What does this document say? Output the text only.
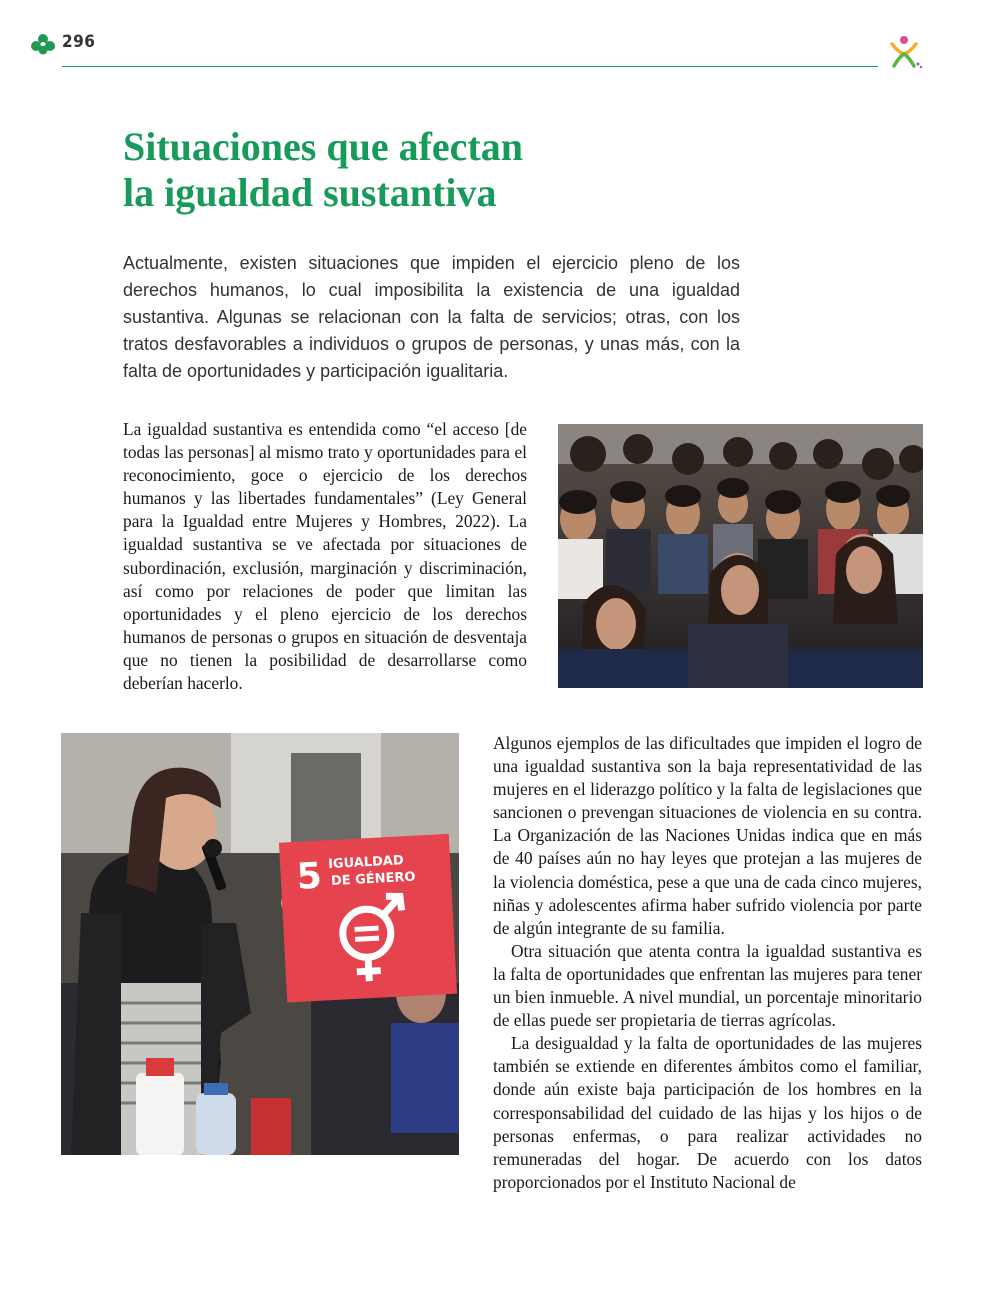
296
Situaciones que afectan
la igualdad sustantiva

Actualmente, existen situaciones que impiden el ejercicio pleno de los derechos humanos, lo cual imposibilita la existencia de una igualdad sustantiva. Algunas se relacionan con la falta de servicios; otras, con los tratos desfavorables a individuos o grupos de personas, y unas más, con la falta de oportunidades y participación igualitaria.

La igualdad sustantiva es entendida como “el acceso [de todas las personas] al mismo trato y oportunidades para el reconocimiento, goce o ejercicio de los derechos humanos y las libertades fundamentales” (Ley General para la Igualdad entre Mujeres y Hombres, 2022). La igualdad sustantiva se ve afectada por situaciones de subordinación, exclusión, marginación y discriminación, así como por relaciones de poder que limitan las oportunidades y el pleno ejercicio de los derechos humanos de personas o grupos en situación de desventaja que no tienen la posibilidad de desarrollarse como deberían hacerlo.

5 IGUALDAD
DE GÉNERO

Algunos ejemplos de las dificultades que impiden el logro de una igualdad sustantiva son la baja representatividad de las mujeres en el liderazgo político y la falta de legislaciones que sancionen o prevengan situaciones de violencia en su contra. La Organización de las Naciones Unidas indica que en más de 40 países aún no hay leyes que protejan a las mujeres de la violencia doméstica, pese a que una de cada cinco mujeres, niñas y adolescentes afirma haber sufrido violencia por parte de algún integrante de su familia.

Otra situación que atenta contra la igualdad sustantiva es la falta de oportunidades que enfrentan las mujeres para tener un bien inmueble. A nivel mundial, un porcentaje minoritario de ellas puede ser propietaria de tierras agrícolas.

La desigualdad y la falta de oportunidades de las mujeres también se extiende en diferentes ámbitos como el familiar, donde aún existe baja participación de los hombres en la corresponsabilidad del cuidado de las hijas y los hijos o de personas enfermas, o para realizar actividades no remuneradas del hogar. De acuerdo con los datos proporcionados por el Instituto Nacional de
